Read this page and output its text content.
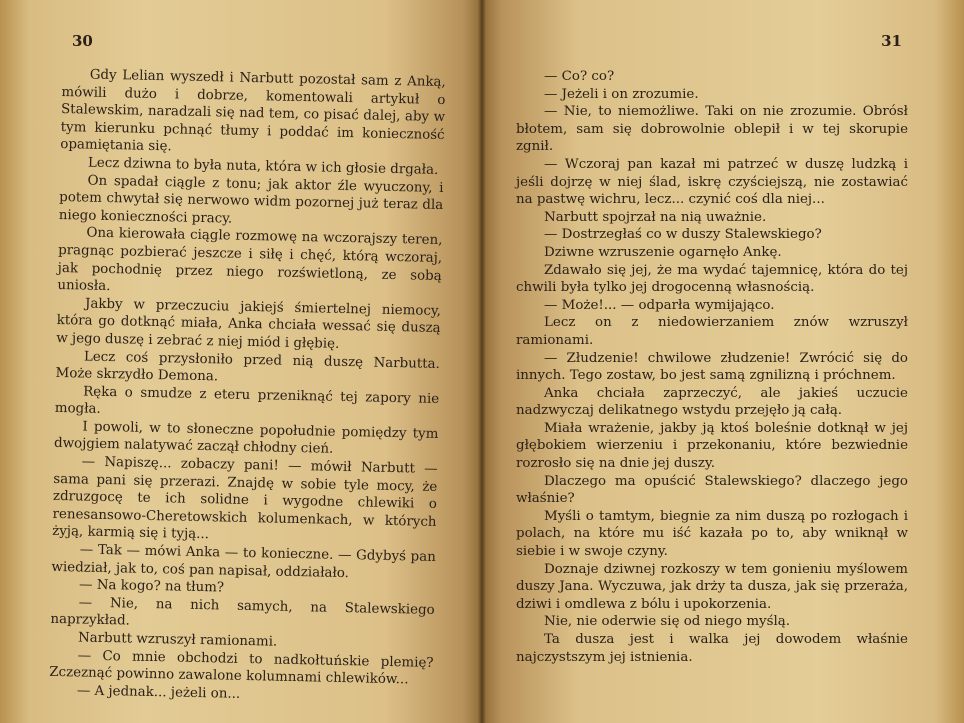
30

Gdy Lelian wyszedł i Narbutt pozostał sam z Anką, mówili dużo i dobrze, komentowali artykuł o Stalewskim, naradzali się nad tem, co pisać dalej, aby w tym kierunku pchnąć tłumy i poddać im konieczność opamiętania się.

Lecz dziwna to była nuta, która w ich głosie drgała.

On spadał ciągle z tonu; jak aktor źle wyuczony, i potem chwytał się nerwowo widm pozornej już teraz dla niego konieczności pracy.

Ona kierowała ciągle rozmowę na wczorajszy teren, pragnąc pozbierać jeszcze i siłę i chęć, którą wczoraj, jak pochodnię przez niego rozświetloną, ze sobą uniosła.

Jakby w przeczuciu jakiejś śmiertelnej niemocy, która go dotknąć miała, Anka chciała wessać się duszą w jego duszę i zebrać z niej miód i głębię.

Lecz coś przysłoniło przed nią duszę Narbutta. Może skrzydło Demona.

Ręka o smudze z eteru przeniknąć tej zapory nie mogła.

I powoli, w to słoneczne popołudnie pomiędzy tym dwojgiem nalatywać zaczął chłodny cień.

— Napiszę... zobaczy pani! — mówił Narbutt — sama pani się przerazi. Znajdę w sobie tyle mocy, że zdruzgocę te ich solidne i wygodne chlewiki o renesansowo-Cheretowskich kolumenkach, w których żyją, karmią się i tyją...

— Tak — mówi Anka — to konieczne. — Gdybyś pan wiedział, jak to, coś pan napisał, oddziałało.

— Na kogo? na tłum?

— Nie, na nich samych, na Stalewskiego naprzykład.

Narbutt wzruszył ramionami.

— Co mnie obchodzi to nadkołtuńskie plemię? Zczeznąć powinno zawalone kolumnami chlewików...

— A jednak... jeżeli on...

31

— Co? co?

— Jeżeli i on zrozumie.

— Nie, to niemożliwe. Taki on nie zrozumie. Obrósł błotem, sam się dobrowolnie oblepił i w tej skorupie zgnił.

— Wczoraj pan kazał mi patrzeć w duszę ludzką i jeśli dojrzę w niej ślad, iskrę czyściejszą, nie zostawiać na pastwę wichru, lecz... czynić coś dla niej...

Narbutt spojrzał na nią uważnie.

— Dostrzegłaś co w duszy Stalewskiego?

Dziwne wzruszenie ogarnęło Ankę.

Zdawało się jej, że ma wydać tajemnicę, która do tej chwili była tylko jej drogocenną własnością.

— Może!... — odparła wymijająco.

Lecz on z niedowierzaniem znów wzruszył ramionami.

— Złudzenie! chwilowe złudzenie! Zwrócić się do innych. Tego zostaw, bo jest samą zgnilizną i próchnem.

Anka chciała zaprzeczyć, ale jakieś uczucie nadzwyczaj delikatnego wstydu przejęło ją całą.

Miała wrażenie, jakby ją ktoś boleśnie dotknął w jej głębokiem wierzeniu i przekonaniu, które bezwiednie rozrosło się na dnie jej duszy.

Dlaczego ma opuścić Stalewskiego? dlaczego jego właśnie?

Myśli o tamtym, biegnie za nim duszą po rozłogach i polach, na które mu iść kazała po to, aby wniknął w siebie i w swoje czyny.

Doznaje dziwnej rozkoszy w tem gonieniu myślowem duszy Jana. Wyczuwa, jak drży ta dusza, jak się przeraża, dziwi i omdlewa z bólu i upokorzenia.

Nie, nie oderwie się od niego myślą.

Ta dusza jest i walka jej dowodem właśnie najczystszym jej istnienia.
